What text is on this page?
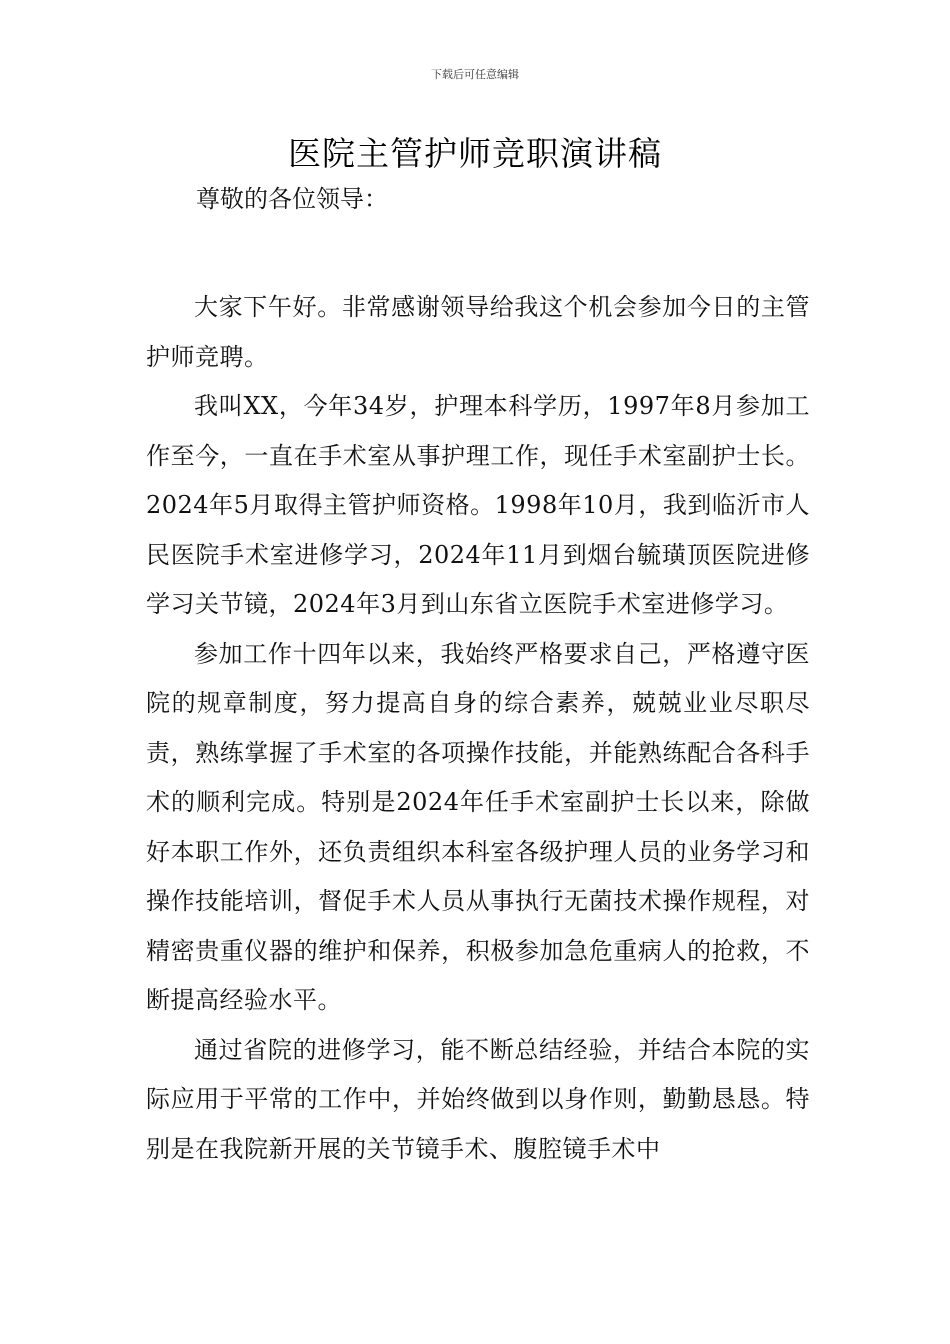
下载后可任意编辑
医院主管护师竞职演讲稿

尊敬的各位领导：

大家下午好。非常感谢领导给我这个机会参加今日的主管护师竞聘。

我叫XX，今年34岁，护理本科学历，1997年8月参加工作至今，一直在手术室从事护理工作，现任手术室副护士长。2024年5月取得主管护师资格。1998年10月，我到临沂市人民医院手术室进修学习，2024年11月到烟台毓璜顶医院进修学习关节镜，2024年3月到山东省立医院手术室进修学习。

参加工作十四年以来，我始终严格要求自己，严格遵守医院的规章制度，努力提高自身的综合素养，兢兢业业尽职尽责，熟练掌握了手术室的各项操作技能，并能熟练配合各科手术的顺利完成。特别是2024年任手术室副护士长以来，除做好本职工作外，还负责组织本科室各级护理人员的业务学习和操作技能培训，督促手术人员从事执行无菌技术操作规程，对精密贵重仪器的维护和保养，积极参加急危重病人的抢救，不断提高经验水平。

通过省院的进修学习，能不断总结经验，并结合本院的实际应用于平常的工作中，并始终做到以身作则，勤勤恳恳。特别是在我院新开展的关节镜手术、腹腔镜手术中
